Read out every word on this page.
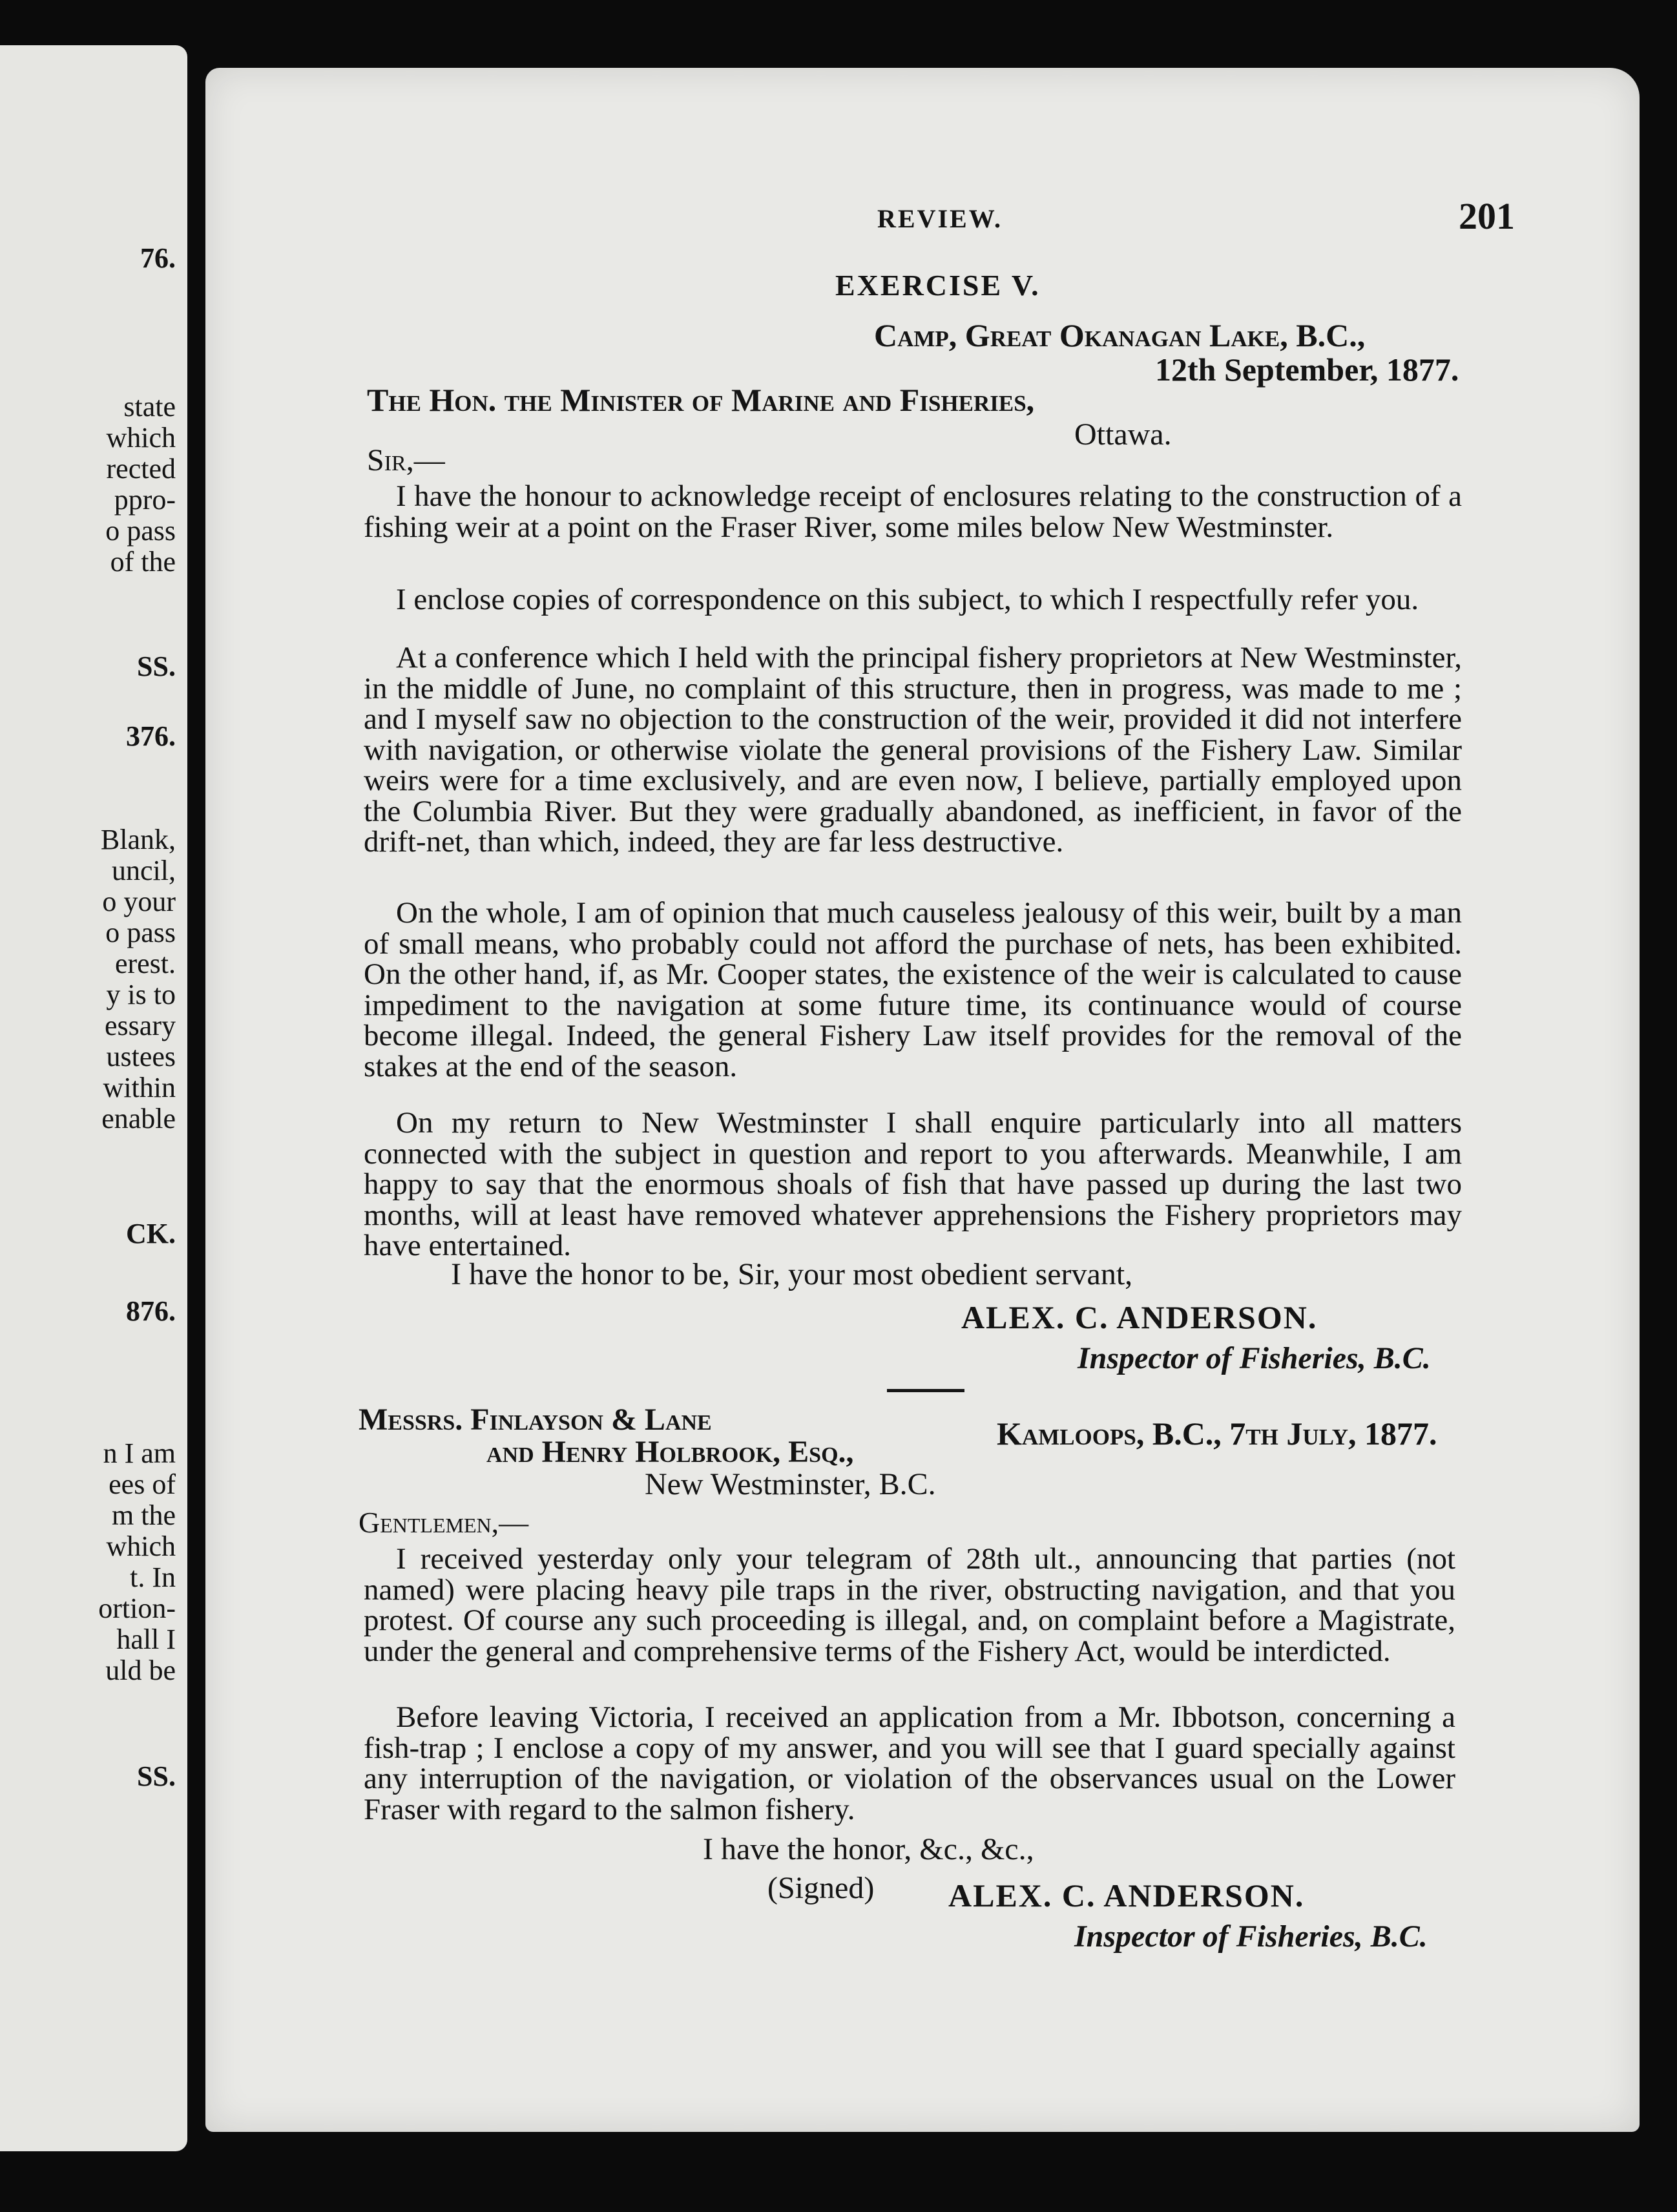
76.
state
which
rected
ppro-
o pass
of the
SS.
376.
Blank,
uncil,
o your
o pass
erest.
y is to
essary
ustees
within
enable
CK.
876.
n I am
ees of
m the
which
t. In
ortion-
hall I
uld be
SS.
REVIEW.	201
EXERCISE V.
Camp, Great Okanagan Lake, B.C.,
12th September, 1877.
The Hon. the Minister of Marine and Fisheries,
Ottawa.
Sir,—
I have the honour to acknowledge receipt of enclosures relating to the construction of a fishing weir at a point on the Fraser River, some miles below New Westminster.
I enclose copies of correspondence on this subject, to which I respectfully refer you.
At a conference which I held with the principal fishery proprietors at New Westminster, in the middle of June, no complaint of this structure, then in progress, was made to me ; and I myself saw no objection to the construction of the weir, provided it did not interfere with navigation, or otherwise violate the general provisions of the Fishery Law. Similar weirs were for a time exclusively, and are even now, I believe, partially employed upon the Columbia River. But they were gradually abandoned, as inefficient, in favor of the drift-net, than which, indeed, they are far less destructive.
On the whole, I am of opinion that much causeless jealousy of this weir, built by a man of small means, who probably could not afford the purchase of nets, has been exhibited. On the other hand, if, as Mr. Cooper states, the existence of the weir is calculated to cause impediment to the navigation at some future time, its continuance would of course become illegal. Indeed, the general Fishery Law itself provides for the removal of the stakes at the end of the season.
On my return to New Westminster I shall enquire particularly into all matters connected with the subject in question and report to you afterwards. Meanwhile, I am happy to say that the enormous shoals of fish that have passed up during the last two months, will at least have removed whatever apprehensions the Fishery proprietors may have entertained.
I have the honor to be, Sir, your most obedient servant,
ALEX. C. ANDERSON.
Inspector of Fisheries, B.C.
Messrs. Finlayson & Lane	Kamloops, B.C., 7th July, 1877.
and Henry Holbrook, Esq.,
New Westminster, B.C.
Gentlemen,—
I received yesterday only your telegram of 28th ult., announcing that parties (not named) were placing heavy pile traps in the river, obstructing navigation, and that you protest. Of course any such proceeding is illegal, and, on complaint before a Magistrate, under the general and comprehensive terms of the Fishery Act, would be interdicted.
Before leaving Victoria, I received an application from a Mr. Ibbotson, concerning a fish-trap ; I enclose a copy of my answer, and you will see that I guard specially against any interruption of the navigation, or violation of the observances usual on the Lower Fraser with regard to the salmon fishery.
I have the honor, &c., &c.,
(Signed) ALEX. C. ANDERSON.
Inspector of Fisheries, B.C.
